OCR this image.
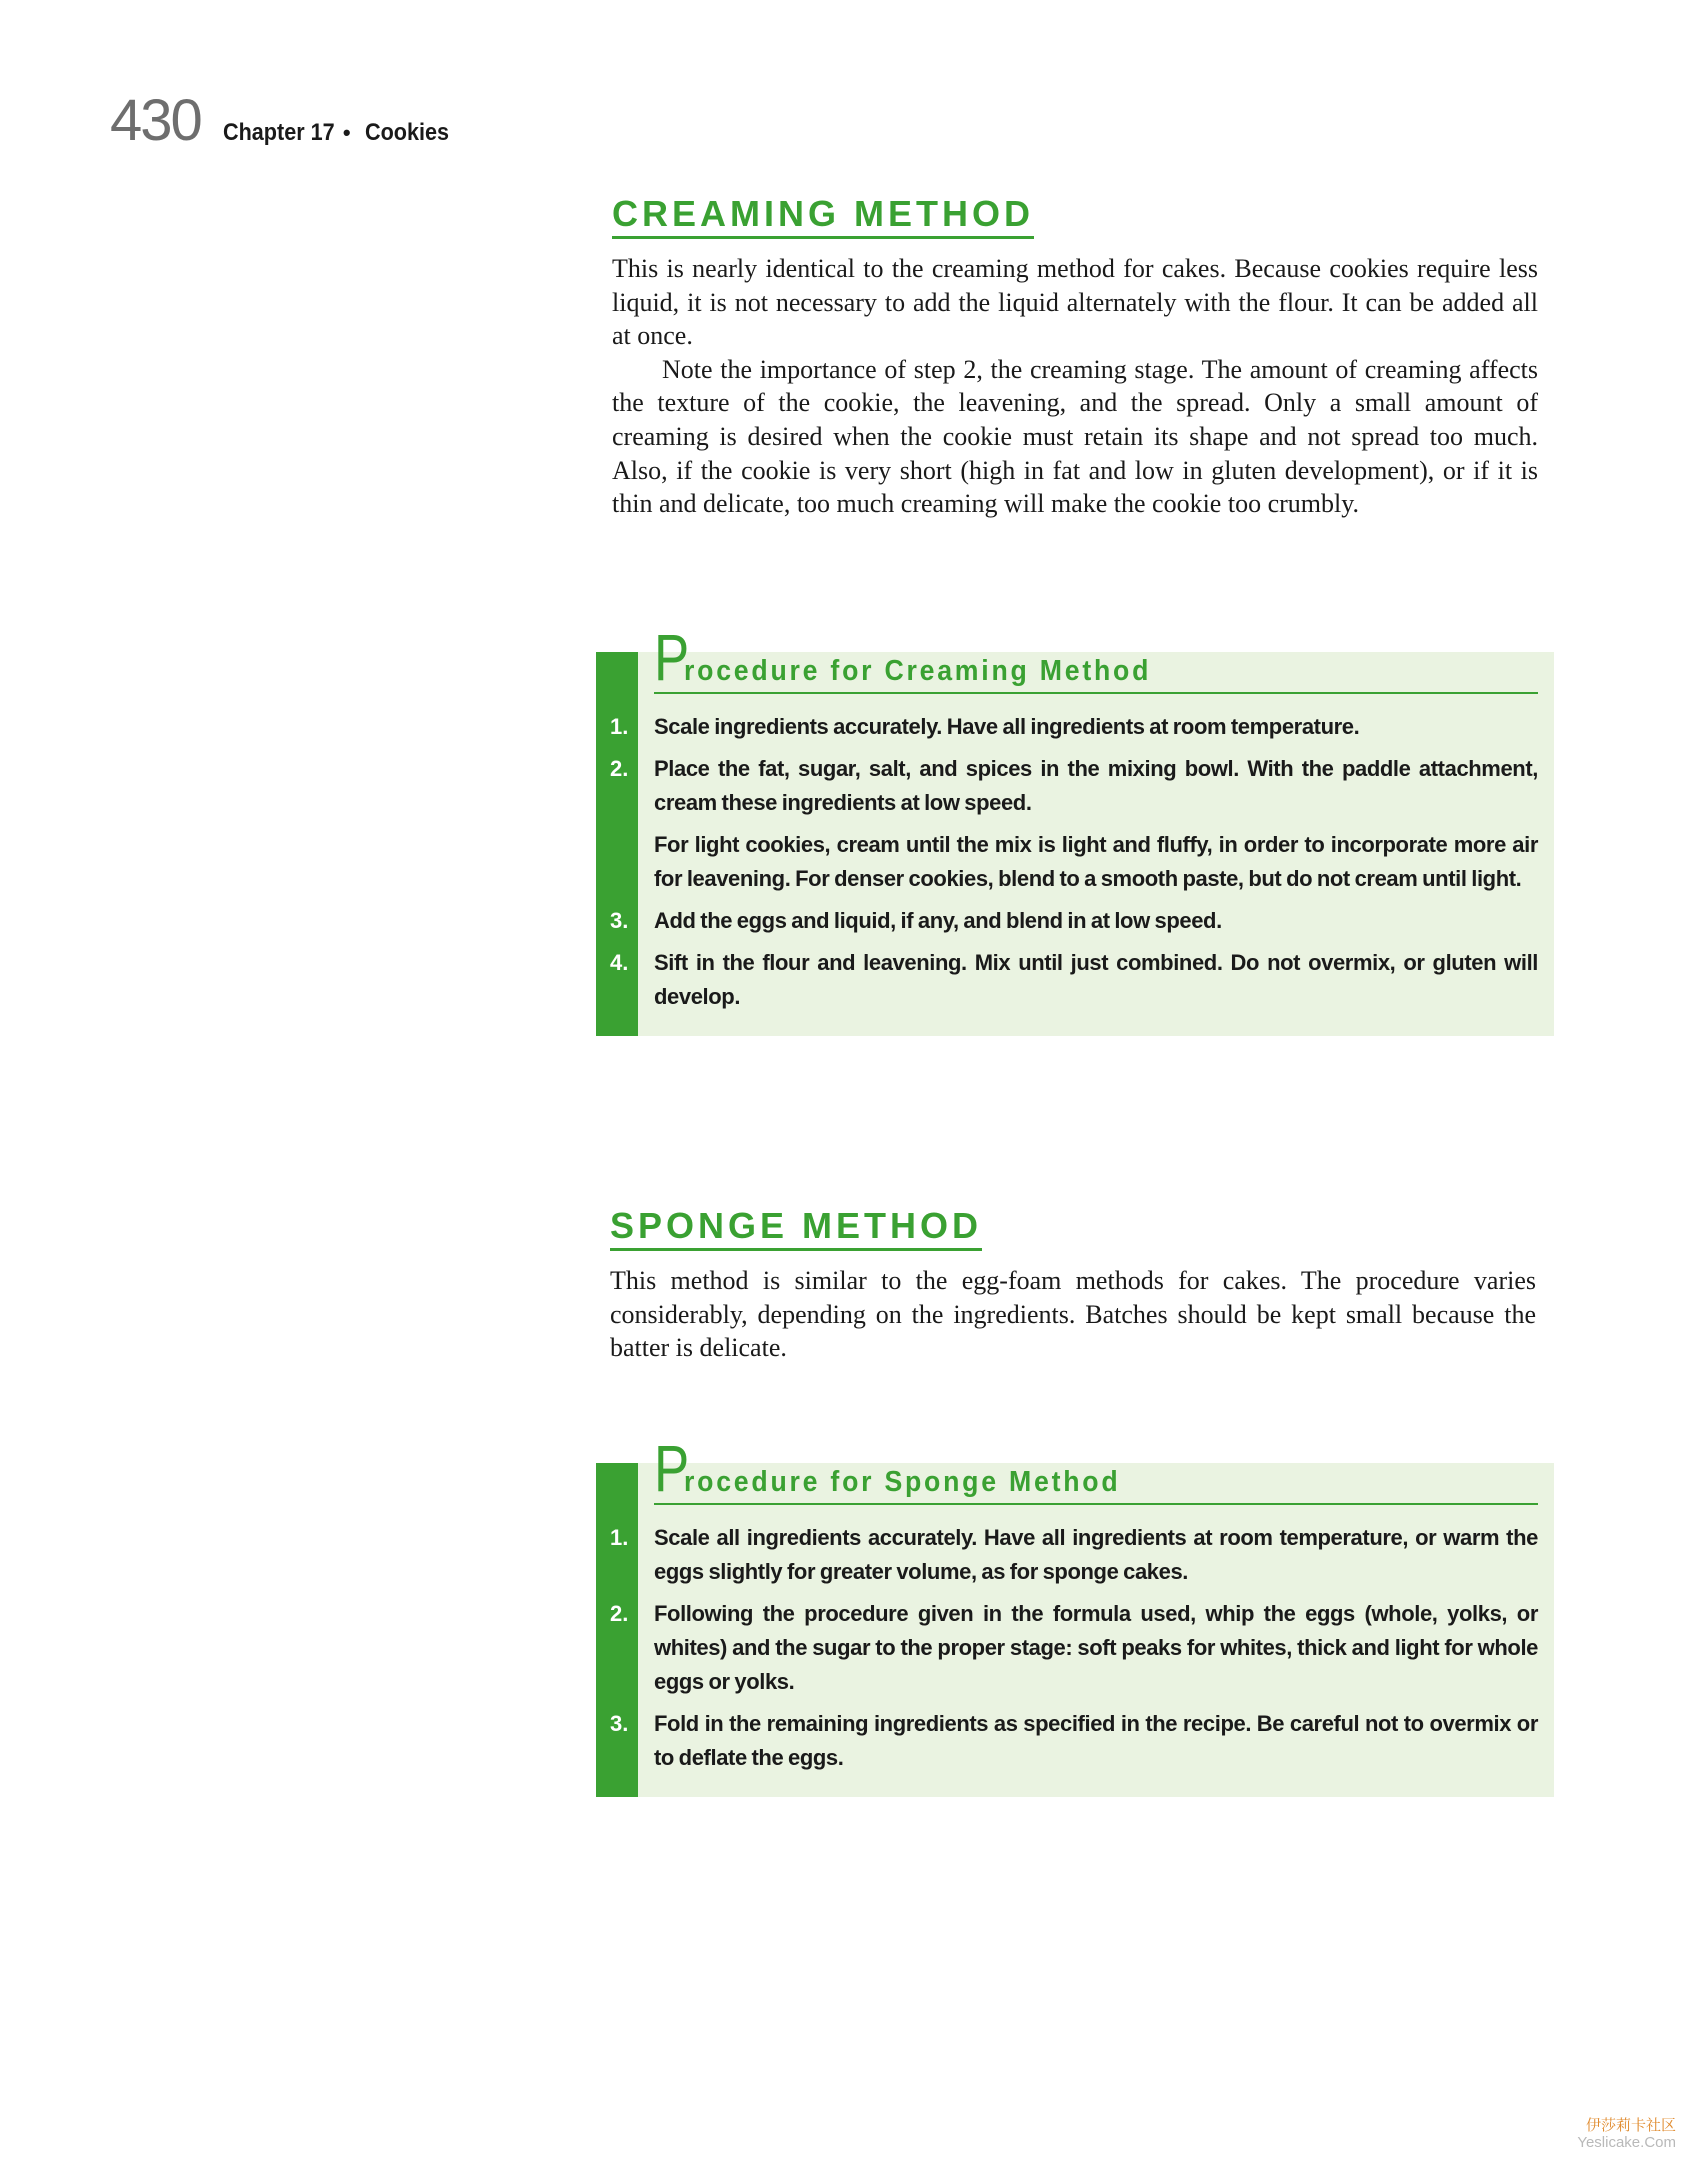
430 Chapter 17 • Cookies
CREAMING METHOD

This is nearly identical to the creaming method for cakes. Because cookies require less liquid, it is not necessary to add the liquid alternately with the flour. It can be added all at once.

Note the importance of step 2, the creaming stage. The amount of creaming affects the texture of the cookie, the leavening, and the spread. Only a small amount of creaming is desired when the cookie must retain its shape and not spread too much. Also, if the cookie is very short (high in fat and low in gluten development), or if it is thin and delicate, too much creaming will make the cookie too crumbly.

P
rocedure for Creaming Method
1. Scale ingredients accurately. Have all ingredients at room temperature.
2. Place the fat, sugar, salt, and spices in the mixing bowl. With the paddle attachment, cream these ingredients at low speed.
For light cookies, cream until the mix is light and fluffy, in order to incorporate more air for leavening. For denser cookies, blend to a smooth paste, but do not cream until light.
3. Add the eggs and liquid, if any, and blend in at low speed.
4. Sift in the flour and leavening. Mix until just combined. Do not overmix, or gluten will develop.
SPONGE METHOD

This method is similar to the egg-foam methods for cakes. The procedure varies considerably, depending on the ingredients. Batches should be kept small because the batter is delicate.

P
rocedure for Sponge Method
1. Scale all ingredients accurately. Have all ingredients at room temperature, or warm the eggs slightly for greater volume, as for sponge cakes.
2. Following the procedure given in the formula used, whip the eggs (whole, yolks, or whites) and the sugar to the proper stage: soft peaks for whites, thick and light for whole eggs or yolks.
3. Fold in the remaining ingredients as specified in the recipe. Be careful not to overmix or to deflate the eggs.
伊莎莉卡社区
Yeslicake.Com
